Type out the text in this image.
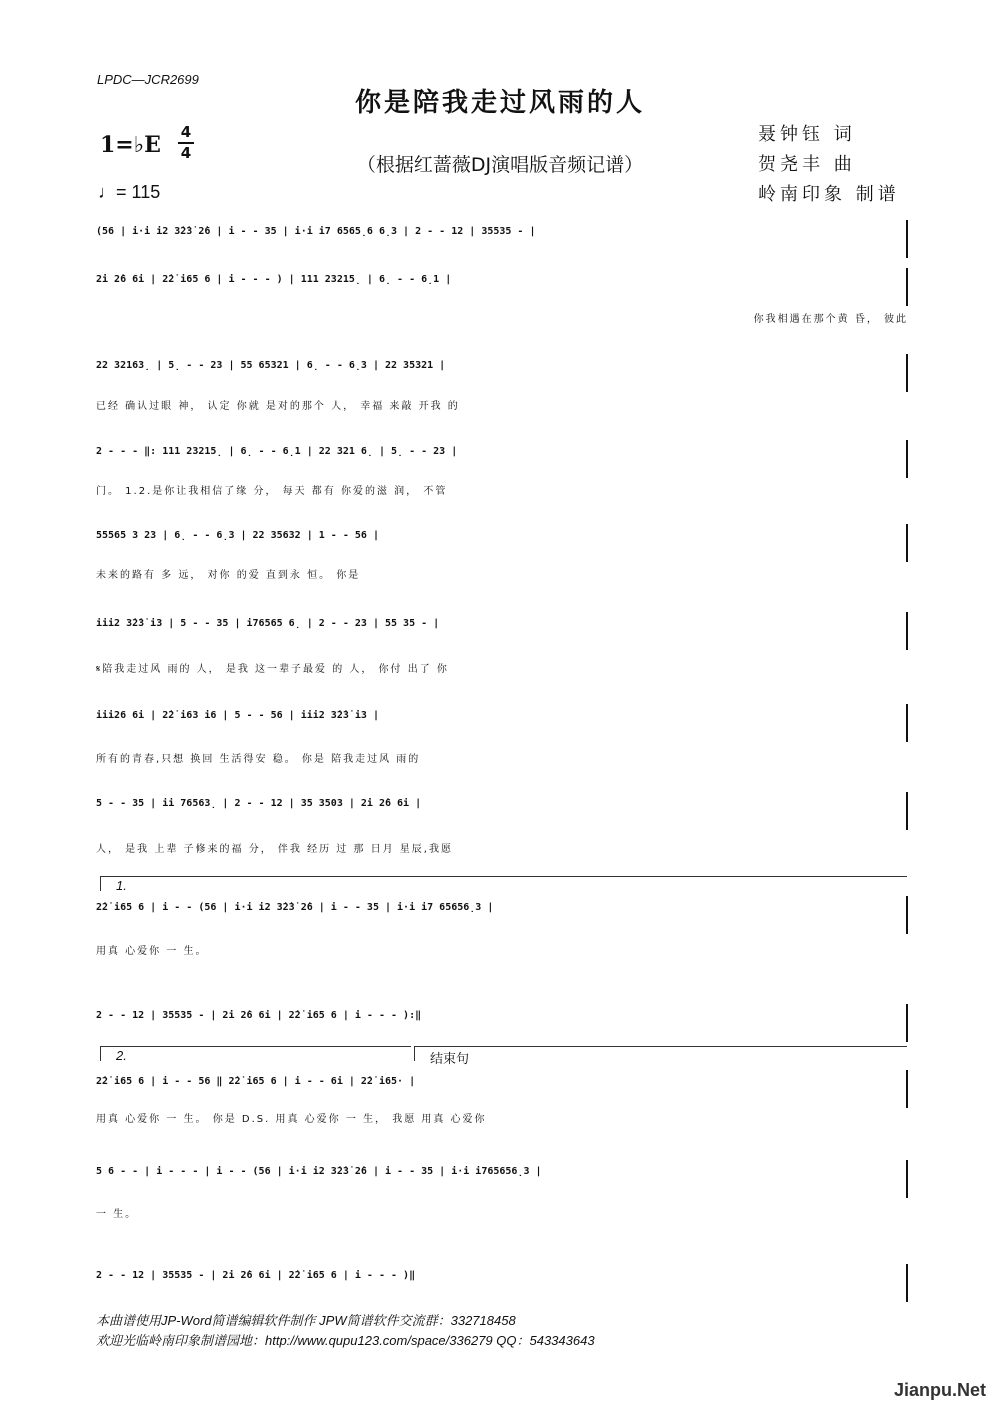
LPDC—JCR2699
你是陪我走过风雨的人
（根据红蔷薇DJ演唱版音频记谱）
1=♭E	4
4
♩= 115
聂钟钰 词
贺尧丰 曲
岭南印象 制谱
(56 | i·i i2 3̇2̇3̇ 2̇6 | i - - 35 | i·i i7 6565̣6 6̣3 | 2 - - 12 | 35535 - |
2̇i 2̇6 6i | 2̇2̇ i65 6 | i - - - ) | 111 23215̣ | 6̣ - - 6̣1 |
你我相遇在那个黄 昏， 彼此
22 32163̣ | 5̣ - - 23 | 55 65321 | 6̣ - - 6̣3 | 22 35321 |
已经 确认过眼 神， 认定 你就 是对的那个 人， 幸福 来敲 开我 的
2 - - - ‖: 111 23215̣ | 6̣ - - 6̣1 | 22 321 6̣ | 5̣ - - 23 |
门。 1.2.是你让我相信了缘 分， 每天 都有 你爱的滋 润， 不管
55565 3 23 | 6̣ - - 6̣3 | 22 35632 | 1 - - 56 |
未来的路有 多 远， 对你 的爱 直到永 恒。 你是
iii2 3̇2̇3̇ i3 | 5 - - 35 | i76565 6̣ | 2 - - 23 | 55 35 - |
𝄋陪我走过风 雨的 人， 是我 这一辈子最爱 的 人， 你付 出了 你
iii26 6i | 2̇2̇ i63 i6 | 5 - - 56 | iii2 3̇2̇3̇ i3 |
所有的青春,只想 换回 生活得安 稳。 你是 陪我走过风 雨的
5 - - 35 | ii 76563̣ | 2 - - 12 | 35 3503 | 2̇i 2̇6 6i |
人， 是我 上辈 子修来的福 分， 伴我 经历 过 那 日月 星辰,我愿
2̇2̇ i65 6 | i - - (56 | i·i i2 3̇2̇3̇ 2̇6 | i - - 35 | i·i i7 65656̣3 |
用真 心爱你 一 生。
2 - - 12 | 35535 - | 2̇i 2̇6 6i | 2̇2̇ i65 6 | i - - - ):‖
2̇2̇ i65 6 | i - - 56 ‖ 2̇2̇ i65 6 | i - - 6i | 2̇2̇ i65· |
用真 心爱你 一 生。 你是 D.S. 用真 心爱你 一 生， 我愿 用真 心爱你
5 6 - - | i - - - | i - - (56 | i·i i2 3̇2̇3̇ 2̇6 | i - - 35 | i·i i765656̣3 |
一 生。
2 - - 12 | 35535 - | 2̇i 2̇6 6i | 2̇2̇ i65 6 | i - - - )‖
1.
2.	结束句
本曲谱使用JP-Word简谱编辑软件制作 JPW简谱软件交流群：332718458
欢迎光临岭南印象制谱园地：http://www.qupu123.com/space/336279 QQ：543343643
Jianpu.Net
